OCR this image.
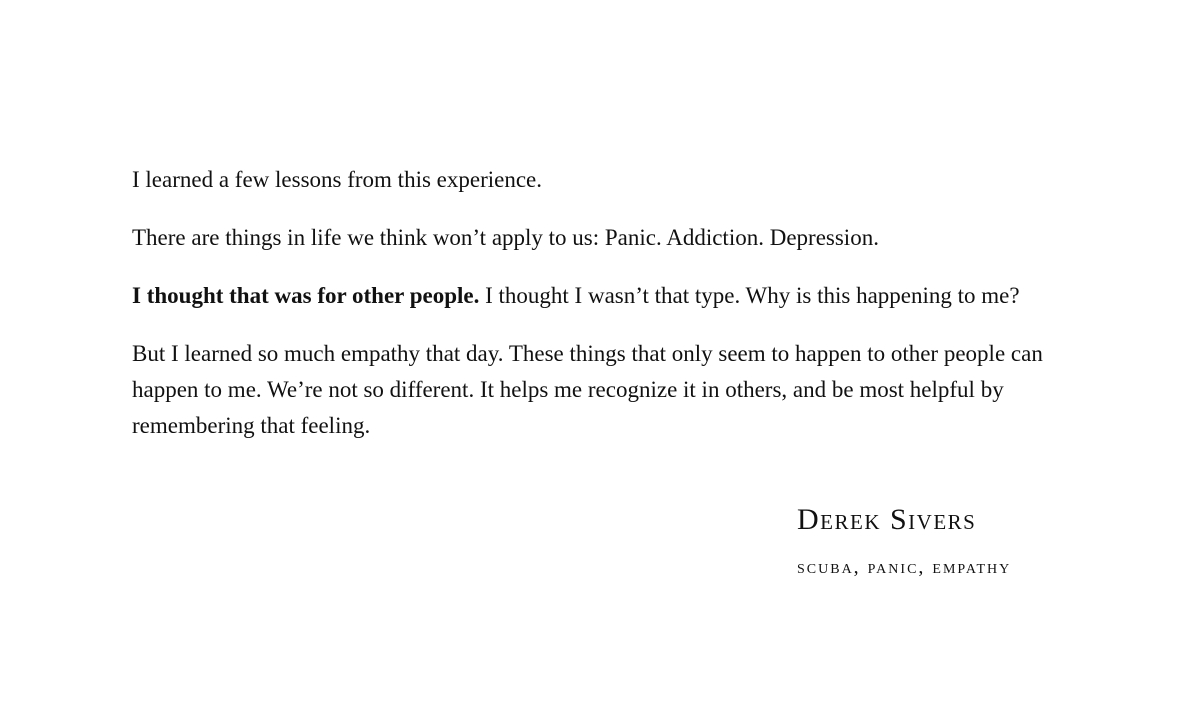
I learned a few lessons from this experience.

There are things in life we think won’t apply to us: Panic. Addiction. Depression.

I thought that was for other people. I thought I wasn’t that type. Why is this happening to me?

But I learned so much empathy that day. These things that only seem to happen to other people can happen to me. We’re not so different. It helps me recognize it in others, and be most helpful by remembering that feeling.

Derek Sivers
scuba, panic, empathy
